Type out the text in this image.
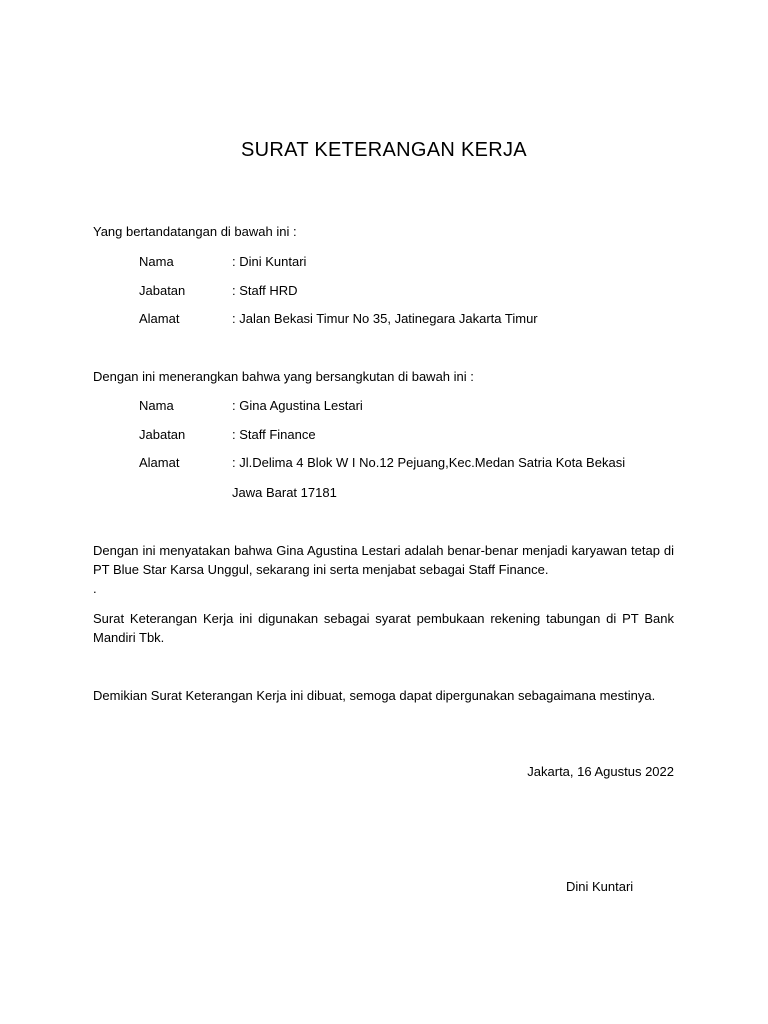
SURAT KETERANGAN KERJA
Yang bertandatangan di bawah ini :
Nama	: Dini Kuntari
Jabatan	: Staff HRD
Alamat	: Jalan Bekasi Timur No 35, Jatinegara Jakarta Timur
Dengan ini menerangkan bahwa yang bersangkutan di bawah ini :
Nama	: Gina Agustina Lestari
Jabatan	: Staff Finance
Alamat	: Jl.Delima 4 Blok W I No.12 Pejuang,Kec.Medan Satria Kota Bekasi
Jawa Barat 17181
Dengan ini menyatakan bahwa Gina Agustina Lestari adalah benar-benar menjadi karyawan tetap di PT Blue Star Karsa Unggul, sekarang ini serta menjabat sebagai Staff Finance.
.
Surat Keterangan Kerja ini digunakan sebagai syarat pembukaan rekening tabungan di PT Bank Mandiri Tbk.
Demikian Surat Keterangan Kerja ini dibuat, semoga dapat dipergunakan sebagaimana mestinya.
Jakarta, 16 Agustus 2022
Dini Kuntari
